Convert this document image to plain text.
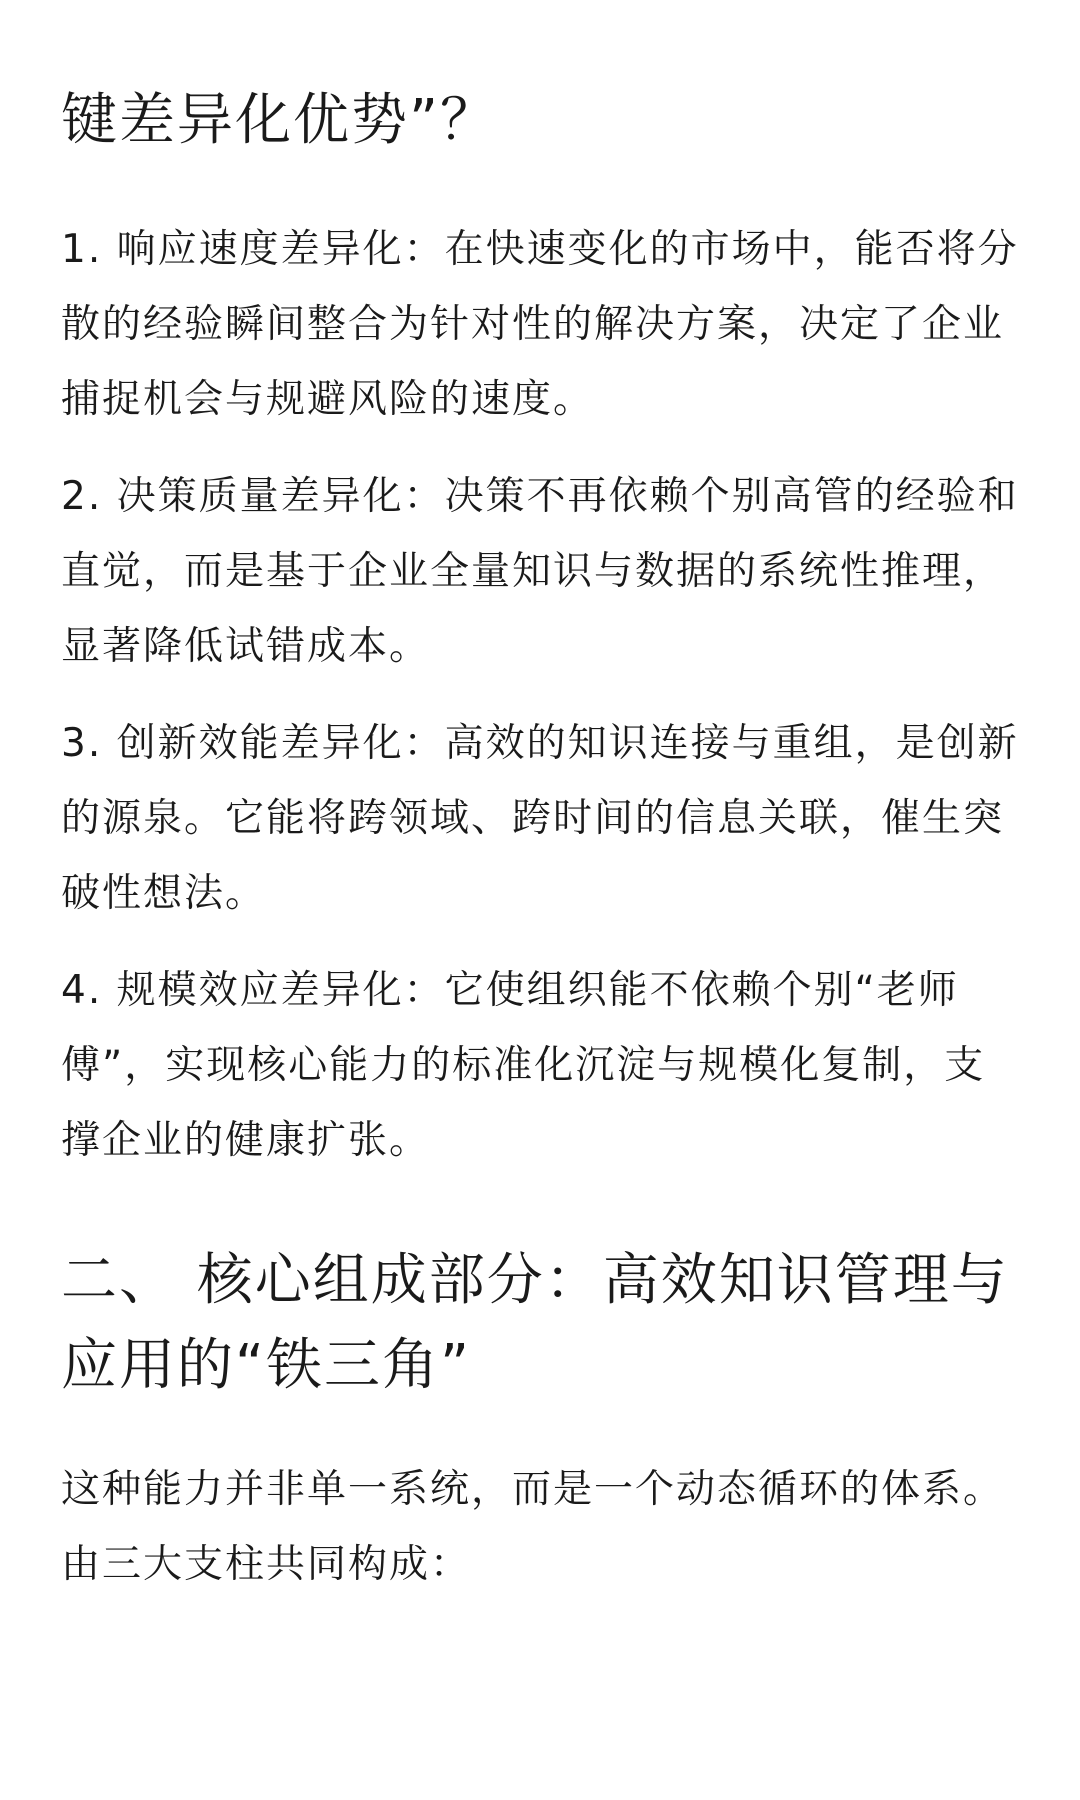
键差异化优势”？

1. 响应速度差异化：在快速变化的市场中，能否将分散的经验瞬间整合为针对性的解决方案，决定了企业捕捉机会与规避风险的速度。

2. 决策质量差异化：决策不再依赖个别高管的经验和直觉，而是基于企业全量知识与数据的系统性推理，显著降低试错成本。

3. 创新效能差异化：高效的知识连接与重组，是创新的源泉。它能将跨领域、跨时间的信息关联，催生突破性想法。

4. 规模效应差异化：它使组织能不依赖个别“老师傅”，实现核心能力的标准化沉淀与规模化复制，支撑企业的健康扩张。

二、 核心组成部分：高效知识管理与应用的“铁三角”

这种能力并非单一系统，而是一个动态循环的体系。由三大支柱共同构成：
